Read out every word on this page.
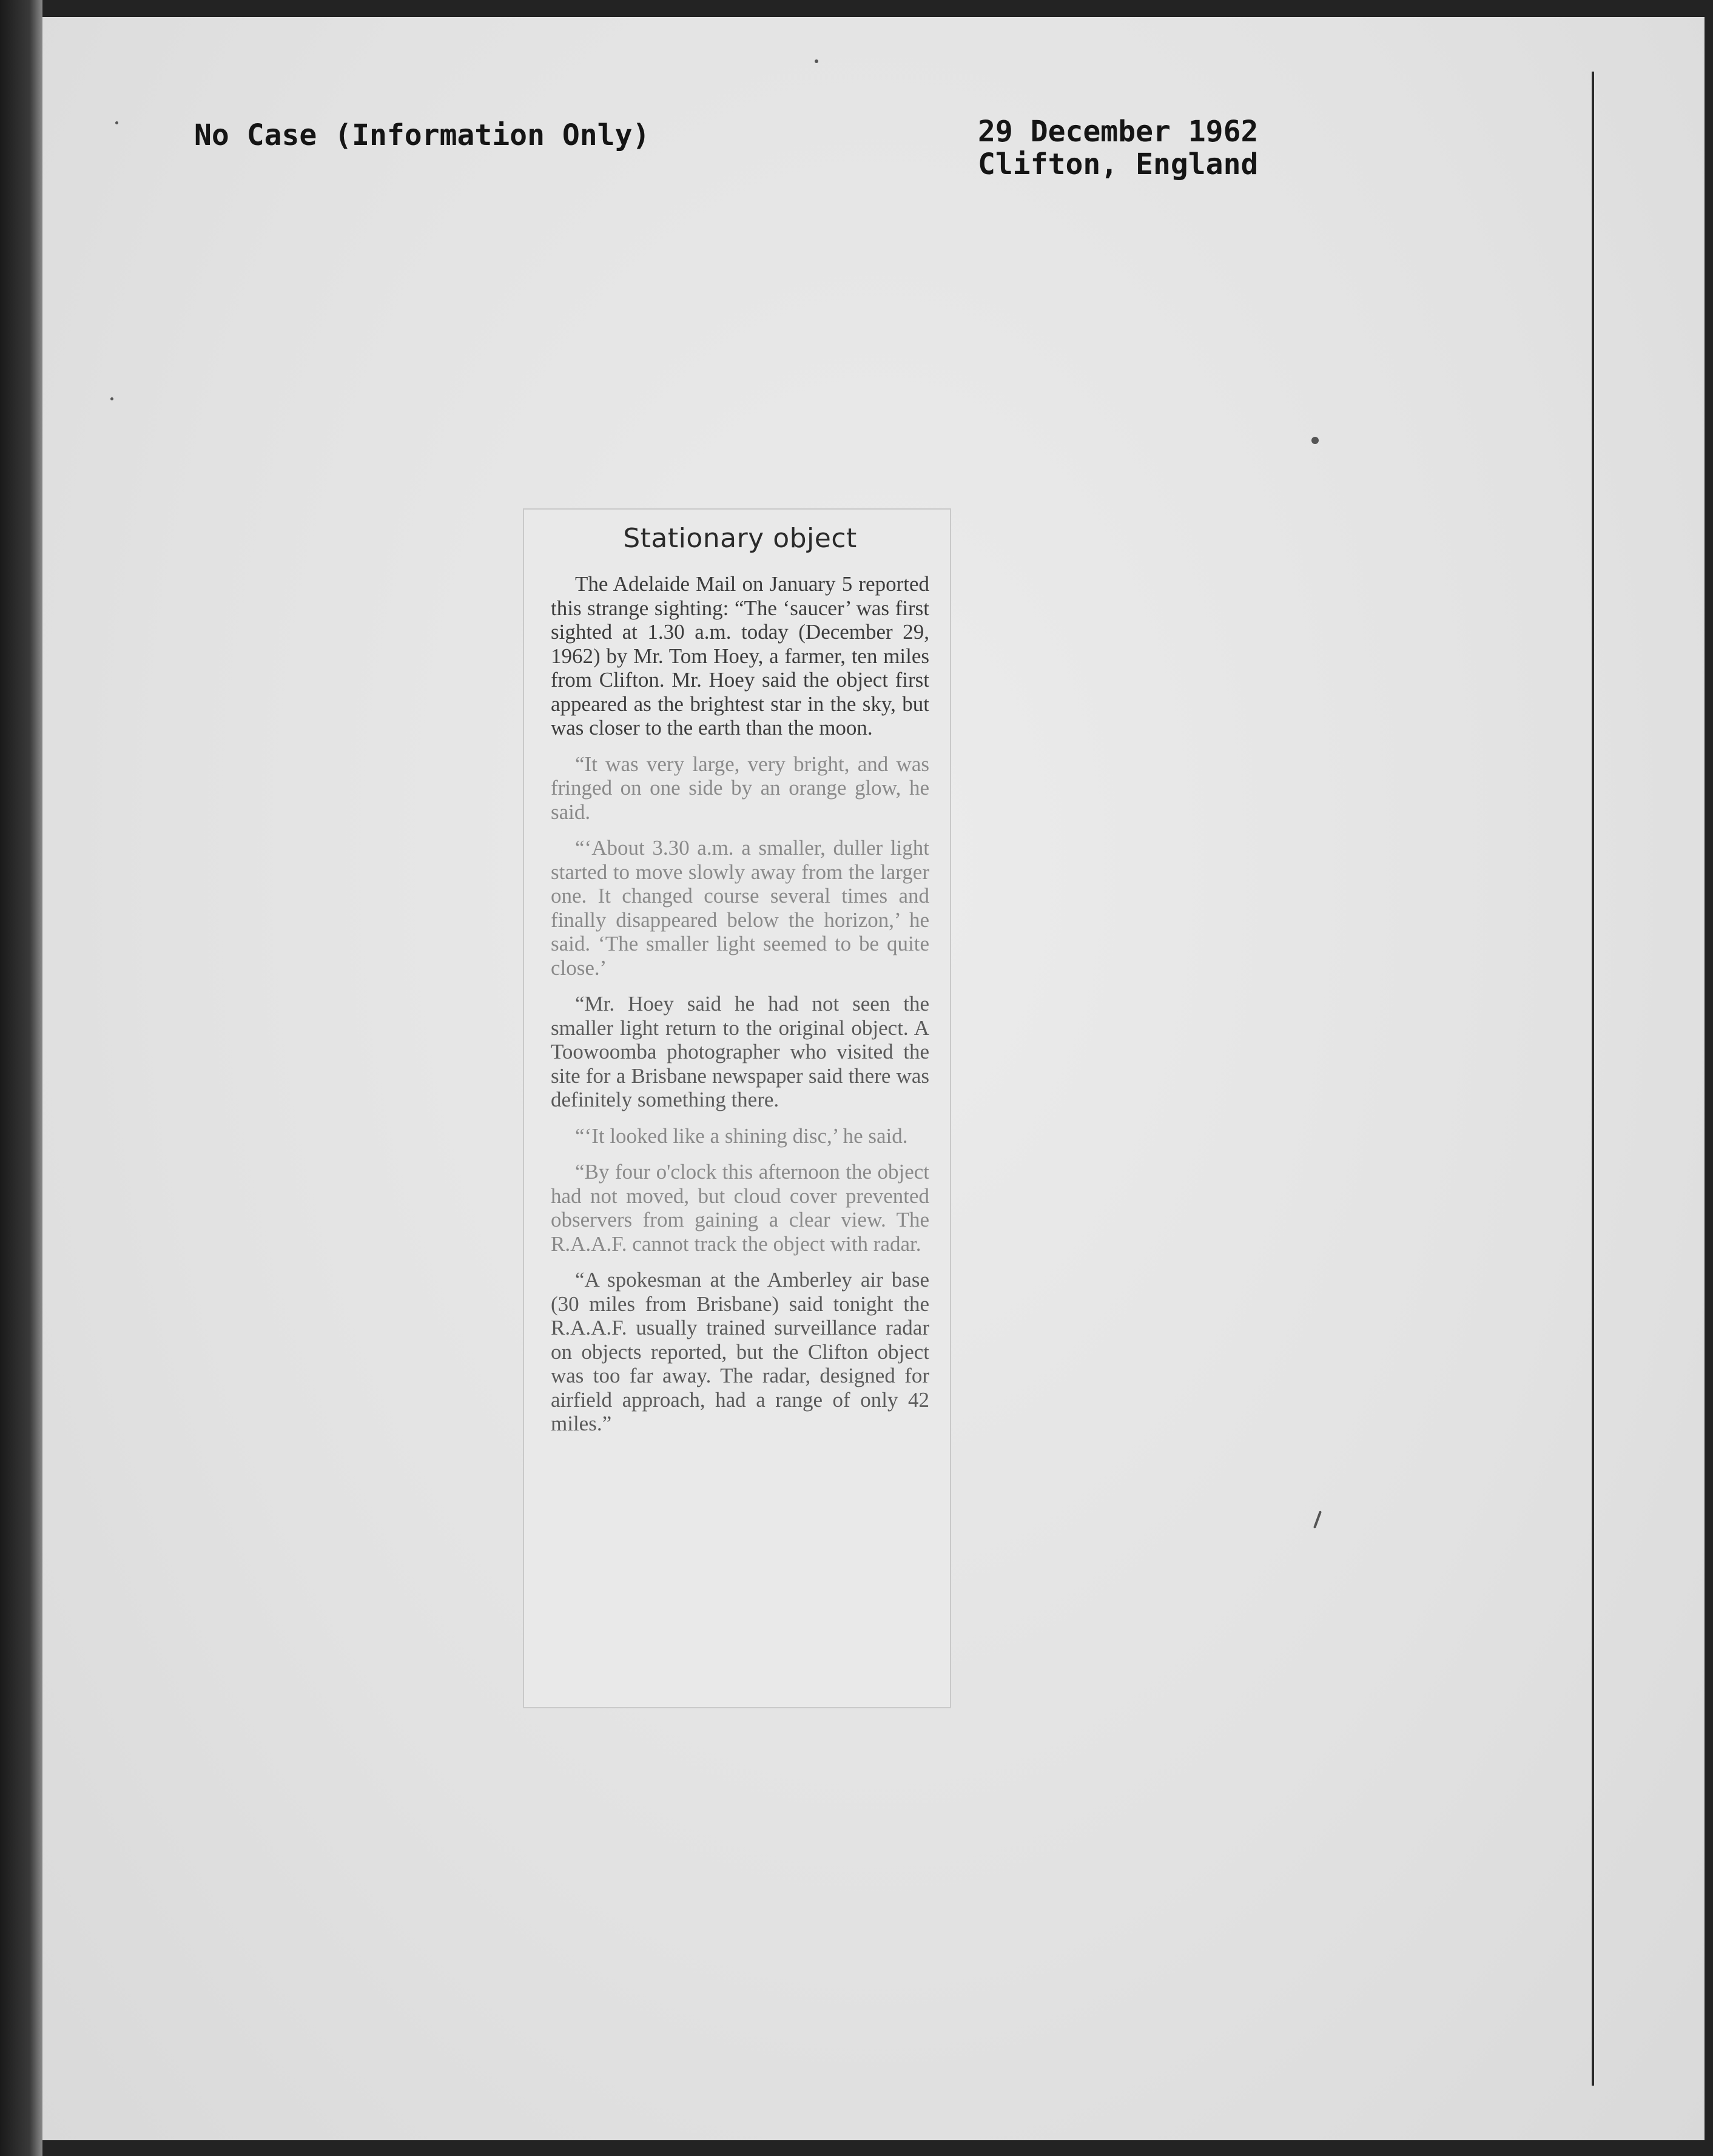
No Case (Information Only)	29 December 1962
Clifton, England
Stationary object

The Adelaide Mail on January 5 reported this strange sighting: “The ‘saucer’ was first sighted at 1.30 a.m. today (December 29, 1962) by Mr. Tom Hoey, a farmer, ten miles from Clifton. Mr. Hoey said the object first appeared as the brightest star in the sky, but was closer to the earth than the moon.

“It was very large, very bright, and was fringed on one side by an orange glow, he said.

“‘About 3.30 a.m. a smaller, duller light started to move slowly away from the larger one. It changed course several times and finally disappeared below the horizon,’ he said. ‘The smaller light seemed to be quite close.’

“Mr. Hoey said he had not seen the smaller light return to the original object. A Toowoomba photographer who visited the site for a Brisbane newspaper said there was definitely something there.

“‘It looked like a shining disc,’ he said.

“By four o'clock this afternoon the object had not moved, but cloud cover prevented observers from gaining a clear view. The R.A.A.F. cannot track the object with radar.

“A spokesman at the Amberley air base (30 miles from Brisbane) said tonight the R.A.A.F. usually trained surveillance radar on objects reported, but the Clifton object was too far away. The radar, designed for airfield approach, had a range of only 42 miles.”
